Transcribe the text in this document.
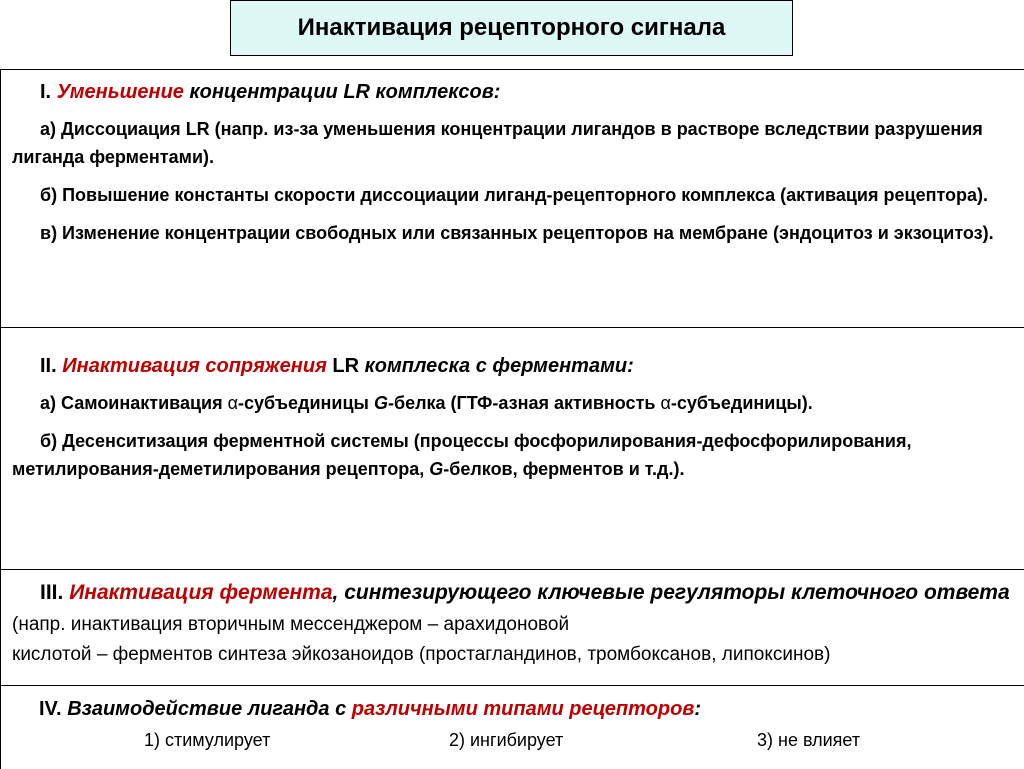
Инактивация рецепторного сигнала

I. Уменьшение концентрации LR комплексов:

а) Диссоциация LR (напр. из-за уменьшения концентрации лигандов в растворе вследствии разрушения лиганда ферментами).

б) Повышение константы скорости диссоциации лиганд-рецепторного комплекса (активация рецептора).

в) Изменение концентрации свободных или связанных рецепторов на мембране (эндоцитоз и экзоцитоз).

II. Инактивация сопряжения LR комплеска с ферментами:

а) Самоинактивация α-субъединицы G-белка (ГТФ-азная активность α-субъединицы).

б) Десенситизация ферментной системы (процессы фосфорилирования-дефосфорилирования, метилирования-деметилирования рецептора, G-белков, ферментов и т.д.).

III. Инактивация фермента, синтезирующего ключевые регуляторы клеточного ответа (напр. инактивация вторичным мессенджером – арахидоновой

кислотой – ферментов синтеза эйкозаноидов (простагландинов, тромбоксанов, липоксинов)

IV. Взаимодействие лиганда с различными типами рецепторов:

1) стимулирует	2) ингибирует	3) не влияет
